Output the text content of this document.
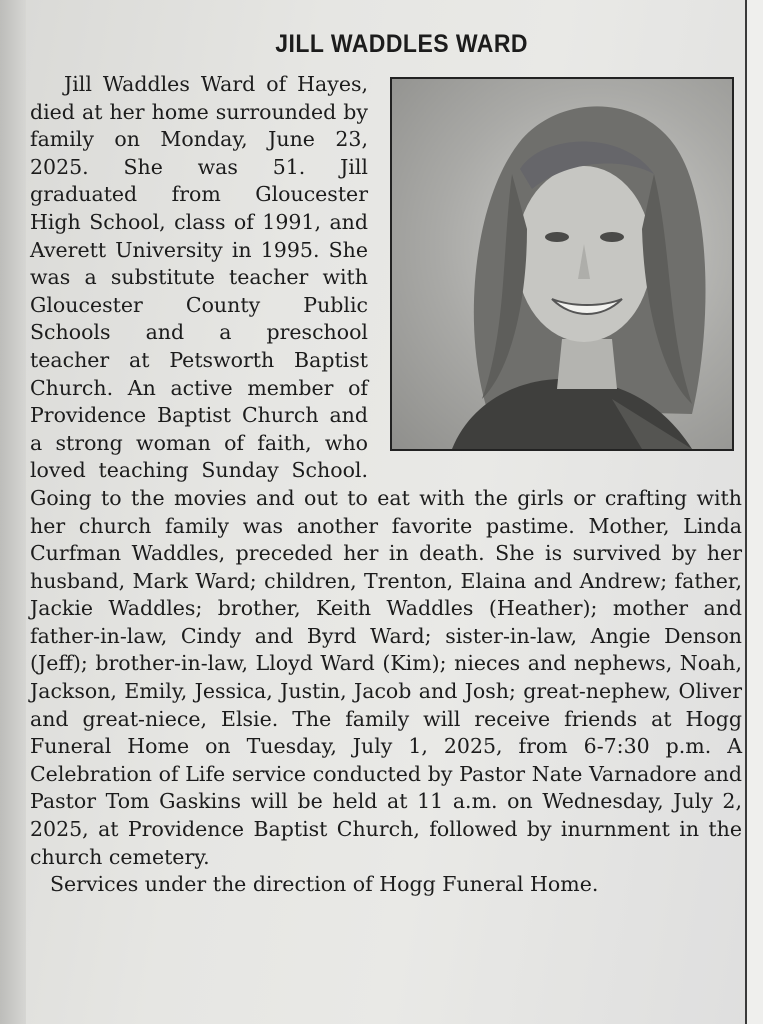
JILL WADDLES WARD

Jill Waddles Ward of Hayes, died at her home surrounded by family on Monday, June 23, 2025. She was 51. Jill graduated from Gloucester High School, class of 1991, and Averett University in 1995. She was a substitute teacher with Gloucester County Public Schools and a preschool teacher at Petsworth Baptist Church. An active member of Providence Baptist Church and a strong woman of faith, who loved teaching Sunday School. Going to the movies and out to eat with the girls or crafting with her church family was another favorite pastime. Mother, Linda Curfman Waddles, preceded her in death. She is survived by her husband, Mark Ward; children, Trenton, Elaina and Andrew; father, Jackie Waddles; brother, Keith Waddles (Heather); mother and father-in-law, Cindy and Byrd Ward; sister-in-law, Angie Denson (Jeff); brother-in-law, Lloyd Ward (Kim); nieces and nephews, Noah, Jackson, Emily, Jessica, Justin, Jacob and Josh; great-nephew, Oliver and great-niece, Elsie. The family will receive friends at Hogg Funeral Home on Tuesday, July 1, 2025, from 6-7:30 p.m. A Celebration of Life service conducted by Pastor Nate Varnadore and Pastor Tom Gaskins will be held at 11 a.m. on Wednesday, July 2, 2025, at Providence Baptist Church, followed by inurnment in the church cemetery.

Services under the direction of Hogg Funeral Home.
